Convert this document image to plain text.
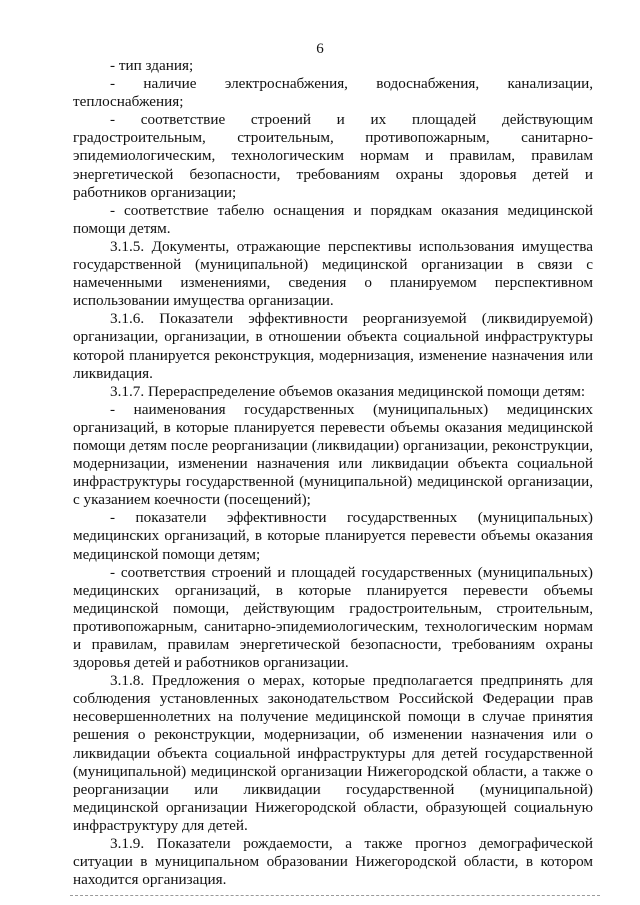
6

- тип здания;

- наличие электроснабжения, водоснабжения, канализации, теплоснабжения;

- соответствие строений и их площадей действующим градостроительным, строительным, противопожарным, санитарно-эпидемиологическим, технологическим нормам и правилам, правилам энергетической безопасности, требованиям охраны здоровья детей и работников организации;

- соответствие табелю оснащения и порядкам оказания медицинской помощи детям.

3.1.5. Документы, отражающие перспективы использования имущества государственной (муниципальной) медицинской организации в связи с намеченными изменениями, сведения о планируемом перспективном использовании имущества организации.

3.1.6. Показатели эффективности реорганизуемой (ликвидируемой) организации, организации, в отношении объекта социальной инфраструктуры которой планируется реконструкция, модернизация, изменение назначения или ликвидация.

3.1.7. Перераспределение объемов оказания медицинской помощи детям:

- наименования государственных (муниципальных) медицинских организаций, в которые планируется перевести объемы оказания медицинской помощи детям после реорганизации (ликвидации) организации, реконструкции, модернизации, изменении назначения или ликвидации объекта социальной инфраструктуры государственной (муниципальной) медицинской организации, с указанием коечности (посещений);

- показатели эффективности государственных (муниципальных) медицинских организаций, в которые планируется перевести объемы оказания медицинской помощи детям;

- соответствия строений и площадей государственных (муниципальных) медицинских организаций, в которые планируется перевести объемы медицинской помощи, действующим градостроительным, строительным, противопожарным, санитарно-эпидемиологическим, технологическим нормам и правилам, правилам энергетической безопасности, требованиям охраны здоровья детей и работников организации.

3.1.8. Предложения о мерах, которые предполагается предпринять для соблюдения установленных законодательством Российской Федерации прав несовершеннолетних на получение медицинской помощи в случае принятия решения о реконструкции, модернизации, об изменении назначения или о ликвидации объекта социальной инфраструктуры для детей государственной (муниципальной) медицинской организации Нижегородской области, а также о реорганизации или ликвидации государственной (муниципальной) медицинской организации Нижегородской области, образующей социальную инфраструктуру для детей.

3.1.9. Показатели рождаемости, а также прогноз демографической ситуации в муниципальном образовании Нижегородской области, в котором находится организация.
